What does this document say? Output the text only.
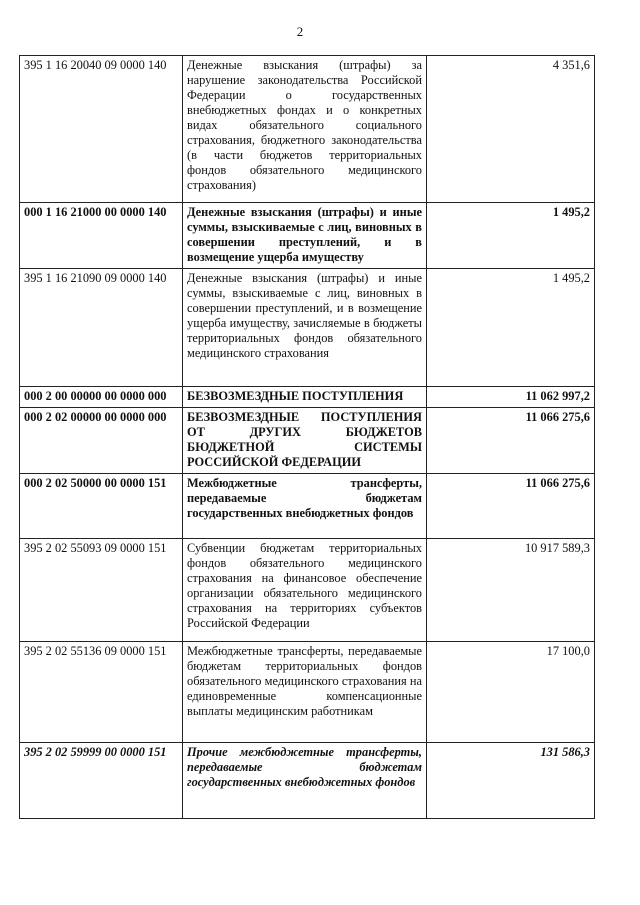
2
395 1 16 20040 09 0000 140	Денежные взыскания (штрафы) за нарушение законодательства Российской Федерации о государственных внебюджетных фондах и о конкретных видах обязательного социального страхования, бюджетного законодательства (в части бюджетов территориальных фондов обязательного медицинского страхования)	4 351,6
000 1 16 21000 00 0000 140	Денежные взыскания (штрафы) и иные суммы, взыскиваемые с лиц, виновных в совершении преступлений, и в возмещение ущерба имуществу	1 495,2
395 1 16 21090 09 0000 140	Денежные взыскания (штрафы) и иные суммы, взыскиваемые с лиц, виновных в совершении преступлений, и в возмещение ущерба имуществу, зачисляемые в бюджеты территориальных фондов обязательного медицинского страхования	1 495,2
000 2 00 00000 00 0000 000	БЕЗВОЗМЕЗДНЫЕ ПОСТУПЛЕНИЯ	11 062 997,2
000 2 02 00000 00 0000 000	БЕЗВОЗМЕЗДНЫЕ ПОСТУПЛЕНИЯ ОТ ДРУГИХ БЮДЖЕТОВ БЮДЖЕТНОЙ СИСТЕМЫ РОССИЙСКОЙ ФЕДЕРАЦИИ	11 066 275,6
000 2 02 50000 00 0000 151	Межбюджетные трансферты, передаваемые бюджетам государственных внебюджетных фондов	11 066 275,6
395 2 02 55093 09 0000 151	Субвенции бюджетам территориальных фондов обязательного медицинского страхования на финансовое обеспечение организации обязательного медицинского страхования на территориях субъектов Российской Федерации	10 917 589,3
395 2 02 55136 09 0000 151	Межбюджетные трансферты, передаваемые бюджетам территориальных фондов обязательного медицинского страхования на единовременные компенсационные выплаты медицинским работникам	17 100,0
395 2 02 59999 00 0000 151	Прочие межбюджетные трансферты, передаваемые бюджетам государственных внебюджетных фондов	131 586,3
